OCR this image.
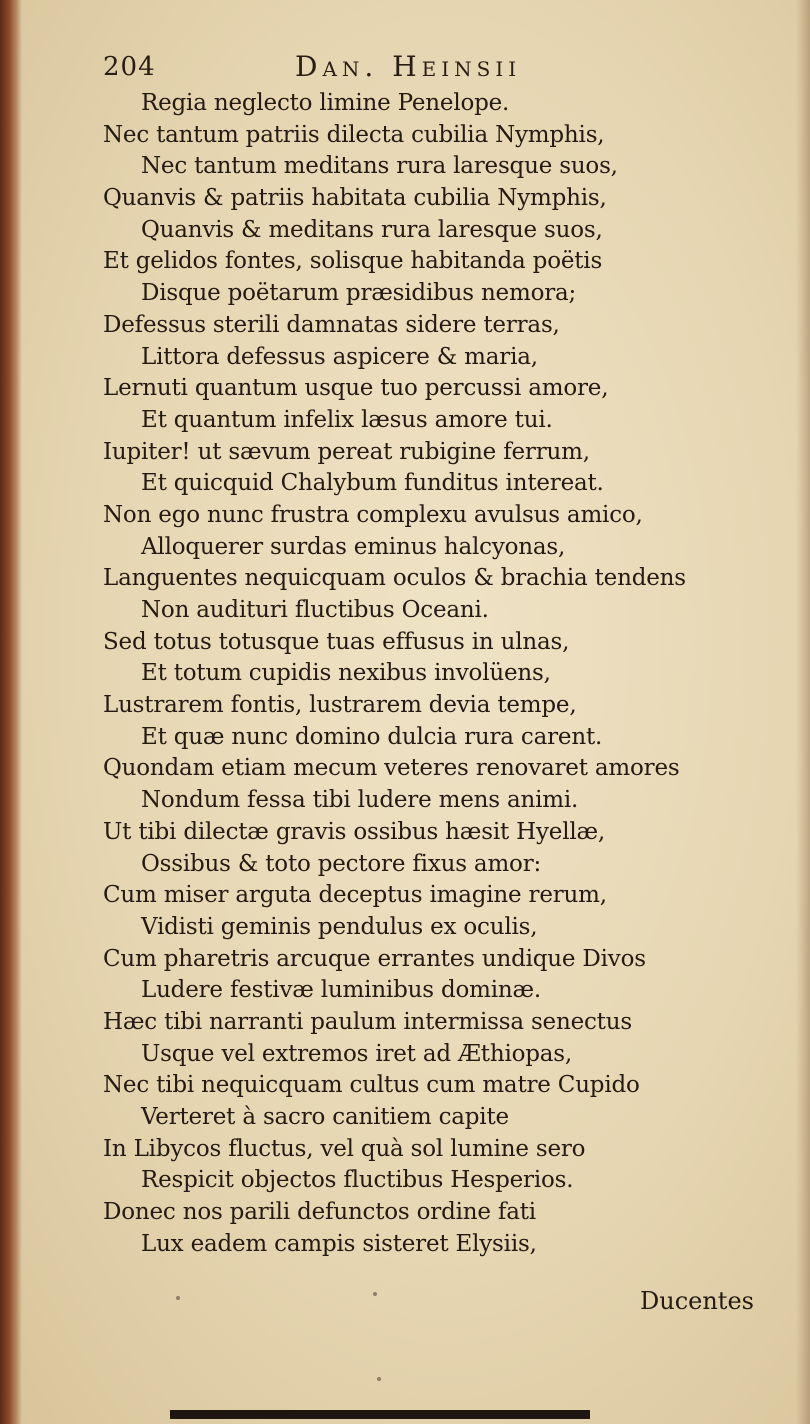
204	Dan. Heinsii
Regia neglecto limine Penelope.
Nec tantum patriis dilecta cubilia Nymphis,
Nec tantum meditans rura laresque suos,
Quanvis & patriis habitata cubilia Nymphis,
Quanvis & meditans rura laresque suos,
Et gelidos fontes, solisque habitanda poëtis
Disque poëtarum præsidibus nemora;
Defessus sterili damnatas sidere terras,
Littora defessus aspicere & maria,
Lernuti quantum usque tuo percussi amore,
Et quantum infelix læsus amore tui.
Iupiter! ut sævum pereat rubigine ferrum,
Et quicquid Chalybum funditus intereat.
Non ego nunc frustra complexu avulsus amico,
Alloquerer surdas eminus halcyonas,
Languentes nequicquam oculos & brachia tendens
Non audituri fluctibus Oceani.
Sed totus totusque tuas effusus in ulnas,
Et totum cupidis nexibus involüens,
Lustrarem fontis, lustrarem devia tempe,
Et quæ nunc domino dulcia rura carent.
Quondam etiam mecum veteres renovaret amores
Nondum fessa tibi ludere mens animi.
Ut tibi dilectæ gravis ossibus hæsit Hyellæ,
Ossibus & toto pectore fixus amor:
Cum miser arguta deceptus imagine rerum,
Vidisti geminis pendulus ex oculis,
Cum pharetris arcuque errantes undique Divos
Ludere festivæ luminibus dominæ.
Hæc tibi narranti paulum intermissa senectus
Usque vel extremos iret ad Æthiopas,
Nec tibi nequicquam cultus cum matre Cupido
Verteret à sacro canitiem capite
In Libycos fluctus, vel quà sol lumine sero
Respicit objectos fluctibus Hesperios.
Donec nos parili defunctos ordine fati
Lux eadem campis sisteret Elysiis,
Ducentes
